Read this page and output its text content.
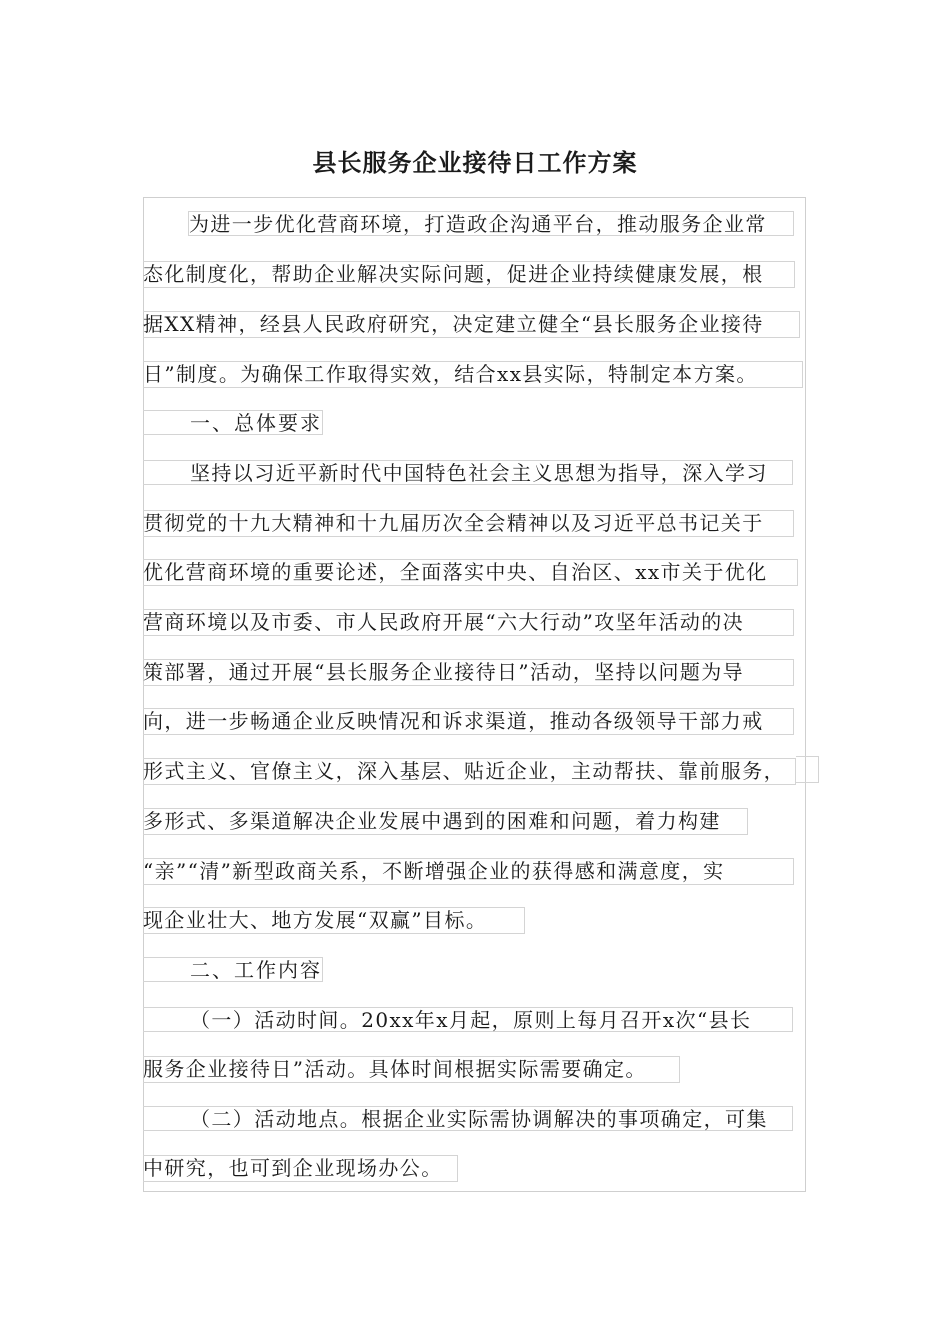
县长服务企业接待日工作方案
为进一步优化营商环境，打造政企沟通平台，推动服务企业常
态化制度化，帮助企业解决实际问题，促进企业持续健康发展，根
据XX精神，经县人民政府研究，决定建立健全“县长服务企业接待
日”制度。为确保工作取得实效，结合xx县实际，特制定本方案。
一、总体要求
坚持以习近平新时代中国特色社会主义思想为指导，深入学习
贯彻党的十九大精神和十九届历次全会精神以及习近平总书记关于
优化营商环境的重要论述，全面落实中央、自治区、xx市关于优化
营商环境以及市委、市人民政府开展“六大行动”攻坚年活动的决
策部署，通过开展“县长服务企业接待日”活动，坚持以问题为导
向，进一步畅通企业反映情况和诉求渠道，推动各级领导干部力戒
形式主义、官僚主义，深入基层、贴近企业，主动帮扶、靠前服务，
多形式、多渠道解决企业发展中遇到的困难和问题，着力构建
“亲”“清”新型政商关系，不断增强企业的获得感和满意度，实
现企业壮大、地方发展“双赢”目标。
二、工作内容
（一）活动时间。20xx年x月起，原则上每月召开x次“县长
服务企业接待日”活动。具体时间根据实际需要确定。
（二）活动地点。根据企业实际需协调解决的事项确定，可集
中研究，也可到企业现场办公。
